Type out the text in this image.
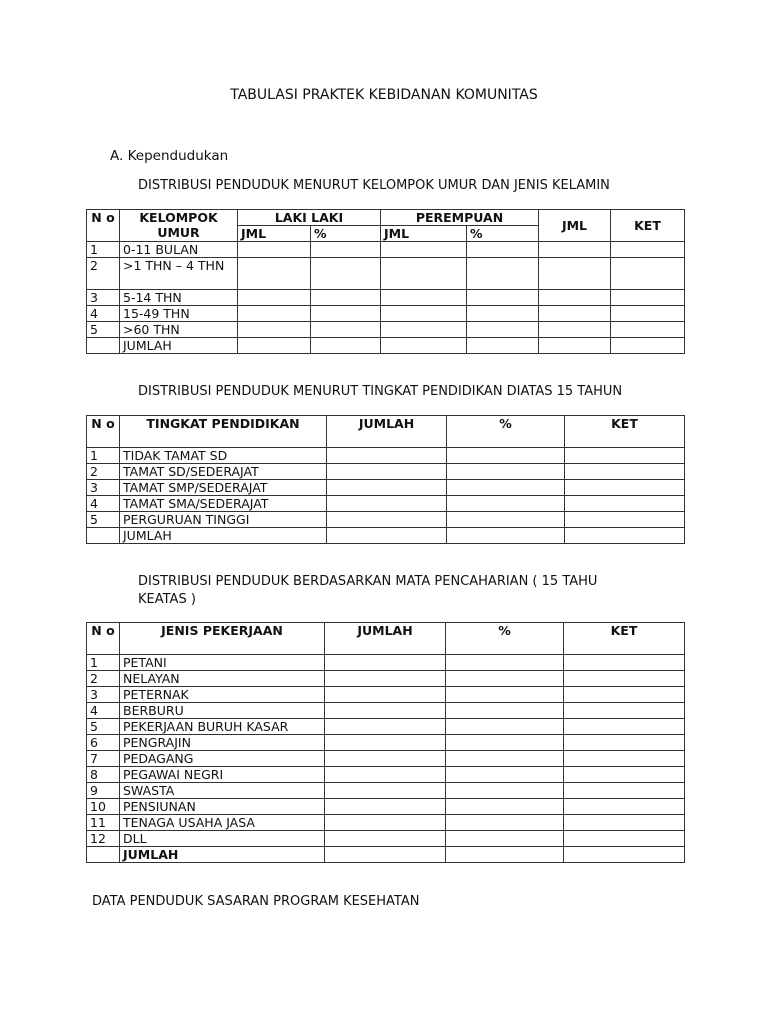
TABULASI PRAKTEK KEBIDANAN KOMUNITAS
A. Kependudukan
DISTRIBUSI PENDUDUK MENURUT KELOMPOK UMUR DAN JENIS KELAMIN
N o	KELOMPOK UMUR	LAKI LAKI		PEREMPUAN		JML	KET
		JML	%	JML	%		
1	0-11 BULAN						
2	>1 THN – 4 THN						
3	5-14 THN						
4	15-49 THN						
5	>60 THN						
	JUMLAH						
DISTRIBUSI PENDUDUK MENURUT TINGKAT PENDIDIKAN DIATAS 15 TAHUN
N o	TINGKAT PENDIDIKAN	JUMLAH	%	KET
1	TIDAK TAMAT SD			
2	TAMAT SD/SEDERAJAT			
3	TAMAT SMP/SEDERAJAT			
4	TAMAT SMA/SEDERAJAT			
5	PERGURUAN TINGGI			
	JUMLAH			
DISTRIBUSI PENDUDUK BERDASARKAN MATA PENCAHARIAN ( 15 TAHU
KEATAS )
N o	JENIS PEKERJAAN	JUMLAH	%	KET
1	PETANI			
2	NELAYAN			
3	PETERNAK			
4	BERBURU			
5	PEKERJAAN BURUH KASAR			
6	PENGRAJIN			
7	PEDAGANG			
8	PEGAWAI NEGRI			
9	SWASTA			
10	PENSIUNAN			
11	TENAGA USAHA JASA			
12	DLL			
	JUMLAH			
DATA PENDUDUK SASARAN PROGRAM KESEHATAN
